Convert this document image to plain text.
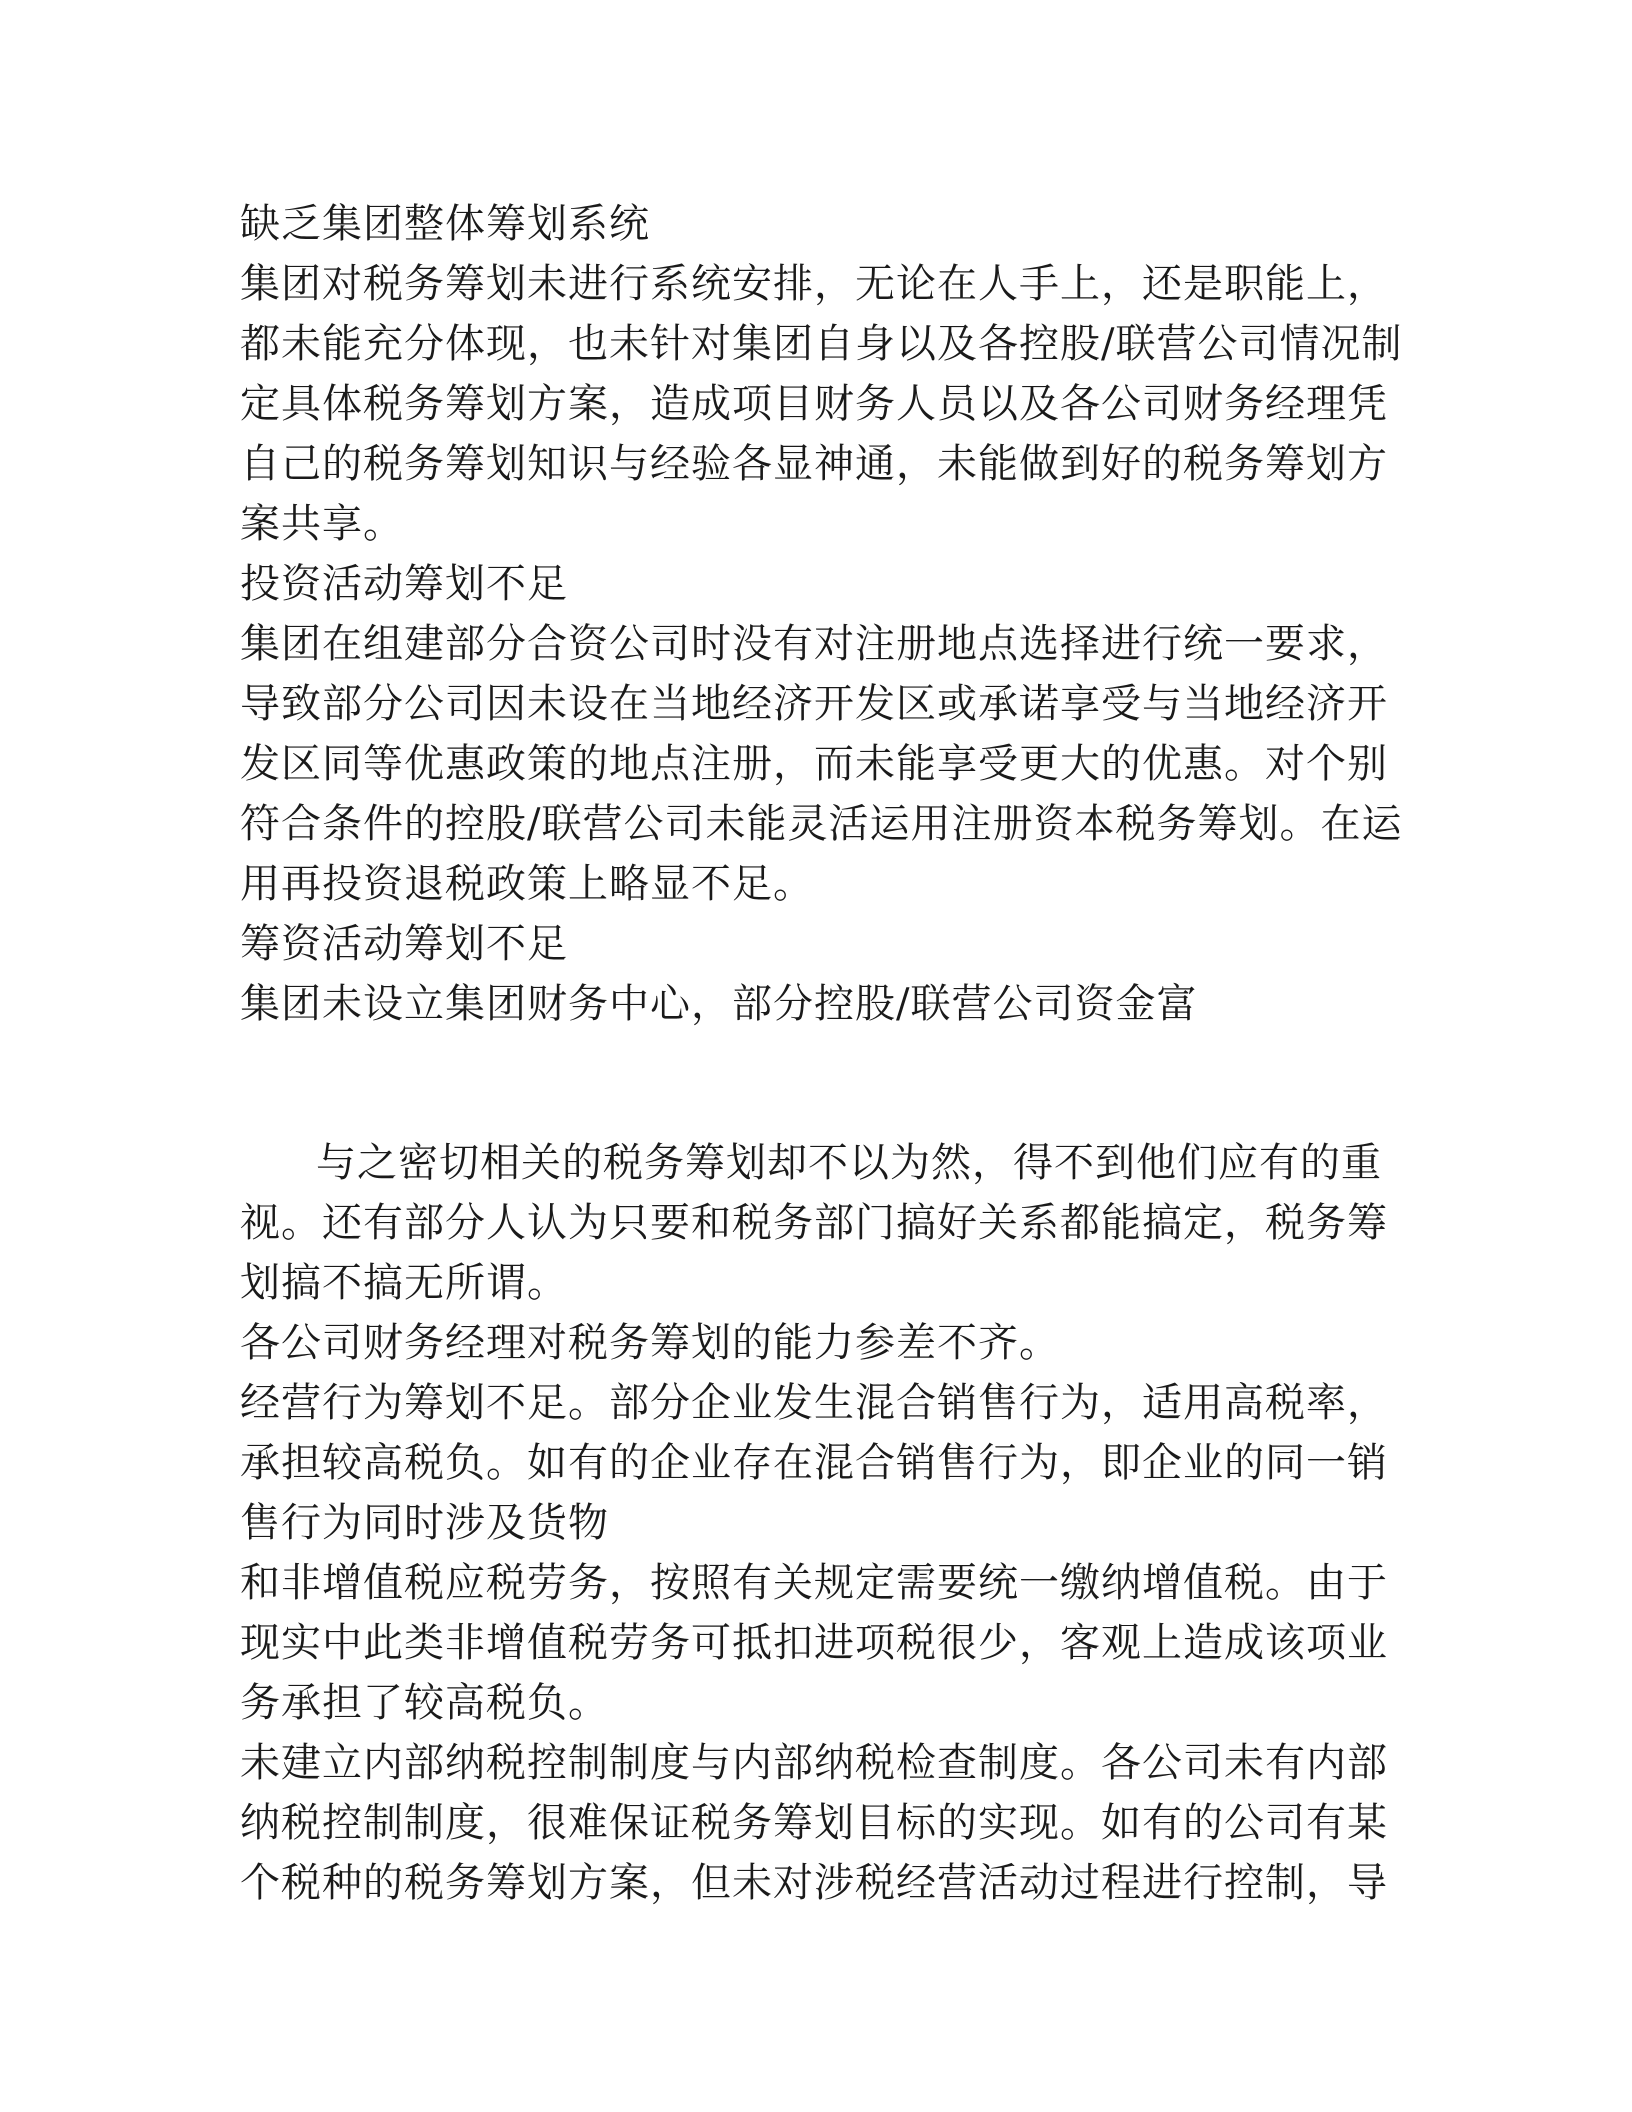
缺乏集团整体筹划系统
集团对税务筹划未进行系统安排，无论在人手上，还是职能上，
都未能充分体现，也未针对集团自身以及各控股/联营公司情况制
定具体税务筹划方案，造成项目财务人员以及各公司财务经理凭
自己的税务筹划知识与经验各显神通，未能做到好的税务筹划方
案共享。
投资活动筹划不足
集团在组建部分合资公司时没有对注册地点选择进行统一要求，
导致部分公司因未设在当地经济开发区或承诺享受与当地经济开
发区同等优惠政策的地点注册，而未能享受更大的优惠。对个别
符合条件的控股/联营公司未能灵活运用注册资本税务筹划。在运
用再投资退税政策上略显不足。
筹资活动筹划不足
集团未设立集团财务中心，部分控股/联营公司资金富
与之密切相关的税务筹划却不以为然，得不到他们应有的重
视。还有部分人认为只要和税务部门搞好关系都能搞定，税务筹
划搞不搞无所谓。
各公司财务经理对税务筹划的能力参差不齐。
经营行为筹划不足。部分企业发生混合销售行为，适用高税率，
承担较高税负。如有的企业存在混合销售行为，即企业的同一销
售行为同时涉及货物
和非增值税应税劳务，按照有关规定需要统一缴纳增值税。由于
现实中此类非增值税劳务可抵扣进项税很少，客观上造成该项业
务承担了较高税负。
未建立内部纳税控制制度与内部纳税检查制度。各公司未有内部
纳税控制制度，很难保证税务筹划目标的实现。如有的公司有某
个税种的税务筹划方案，但未对涉税经营活动过程进行控制，导
